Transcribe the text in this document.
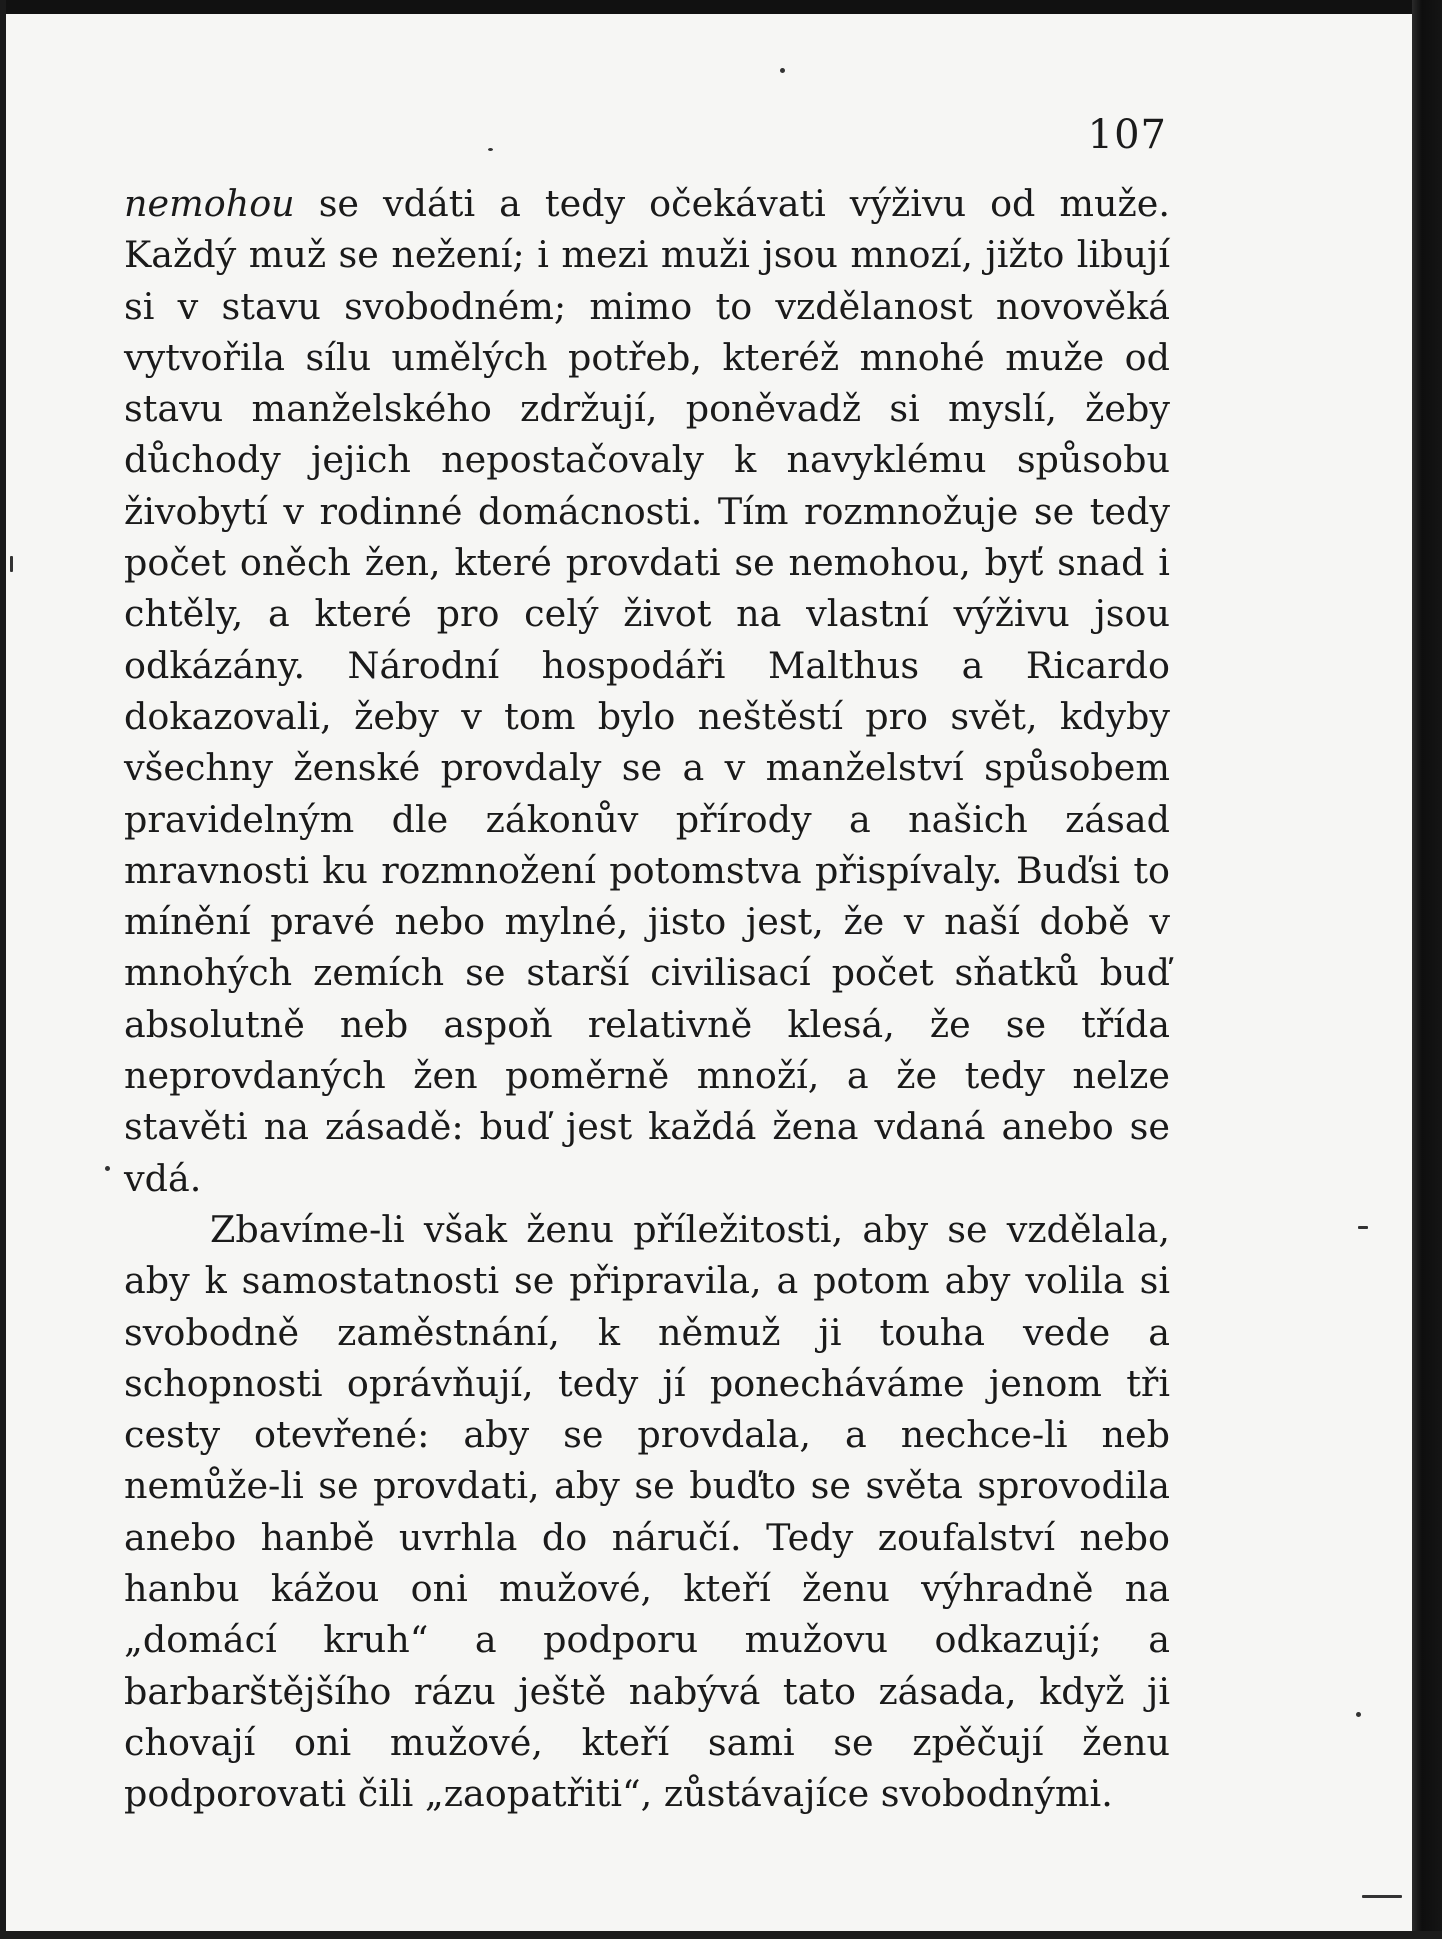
107

nemohou se vdáti a tedy očekávati výživu od muže. Každý muž se nežení; i mezi muži jsou mnozí, jižto libují si v stavu svobodném; mimo to vzdělanost novověká vytvořila sílu umělých potřeb, kteréž mnohé muže od stavu manželského zdržují, poněvadž si myslí, žeby důchody jejich nepostačovaly k navyklému spůsobu živobytí v rodinné domácnosti. Tím rozmnožuje se tedy počet oněch žen, které provdati se nemohou, byť snad i chtěly, a které pro celý život na vlastní výživu jsou odkázány. Národní hospodáři Malthus a Ricardo dokazovali, žeby v tom bylo neštěstí pro svět, kdyby všechny ženské provdaly se a v manželství spůsobem pravidelným dle zákonův přírody a našich zásad mravnosti ku rozmnožení potomstva přispívaly. Buďsi to mínění pravé nebo mylné, jisto jest, že v naší době v mnohých zemích se starší civilisací počet sňatků buď absolutně neb aspoň relativně klesá, že se třída neprovdaných žen poměrně množí, a že tedy nelze stavěti na zásadě: buď jest každá žena vdaná anebo se vdá.

Zbavíme-li však ženu příležitosti, aby se vzdělala, aby k samostatnosti se připravila, a potom aby volila si svobodně zaměstnání, k němuž ji touha vede a schopnosti oprávňují, tedy jí ponecháváme jenom tři cesty otevřené: aby se provdala, a nechce-li neb nemůže-li se provdati, aby se buďto se světa sprovodila anebo hanbě uvrhla do náručí. Tedy zoufalství nebo hanbu kážou oni mužové, kteří ženu výhradně na „domácí kruh“ a podporu mužovu odkazují; a barbarštějšího rázu ještě nabývá tato zásada, když ji chovají oni mužové, kteří sami se zpěčují ženu podporovati čili „zaopatřiti“, zůstávajíce svobodnými.
